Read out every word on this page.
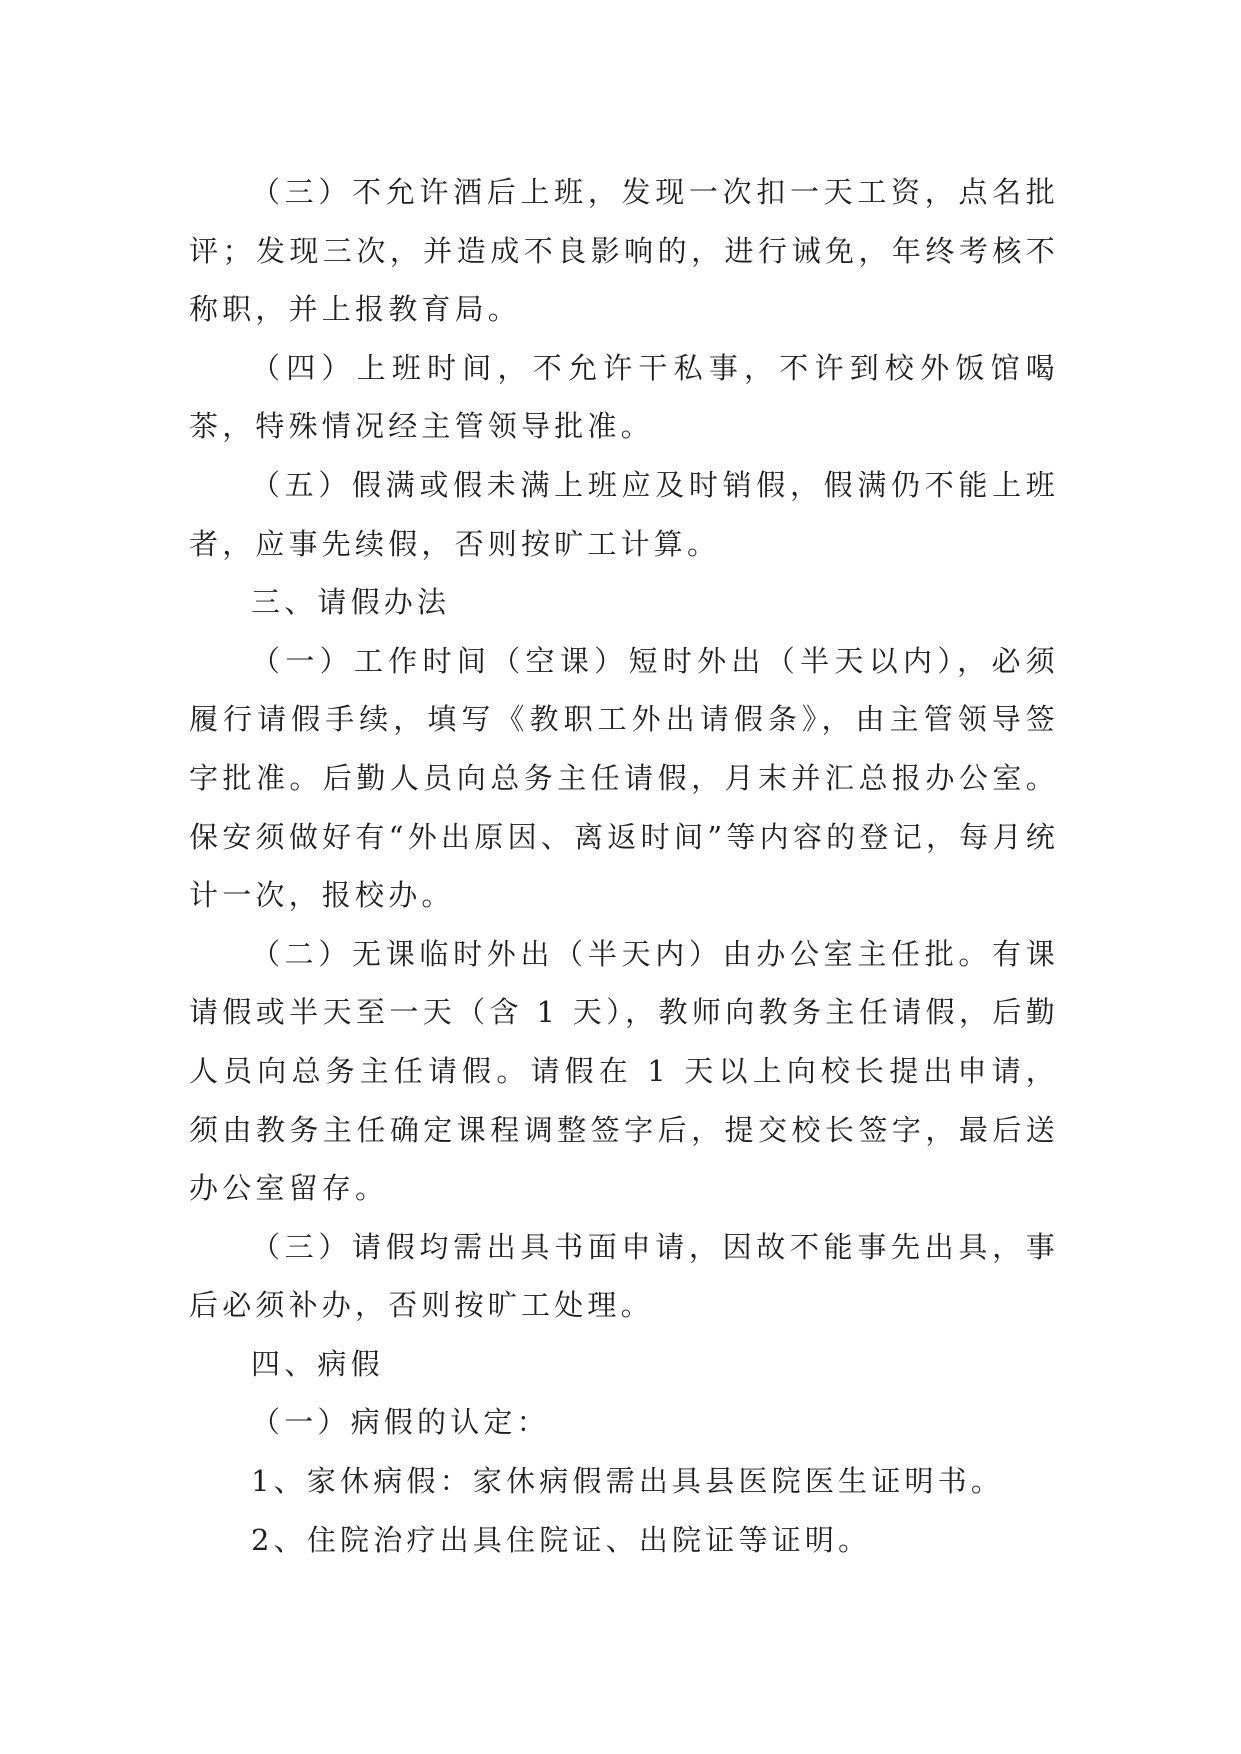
（三）不允许酒后上班，发现一次扣一天工资，点名批评；发现三次，并造成不良影响的，进行诫免，年终考核不称职，并上报教育局。

（四）上班时间，不允许干私事，不许到校外饭馆喝茶，特殊情况经主管领导批准。

（五）假满或假未满上班应及时销假，假满仍不能上班者，应事先续假，否则按旷工计算。

三、请假办法

（一）工作时间（空课）短时外出（半天以内），必须履行请假手续，填写《教职工外出请假条》，由主管领导签字批准。后勤人员向总务主任请假，月末并汇总报办公室。保安须做好有“外出原因、离返时间”等内容的登记，每月统计一次，报校办。

（二）无课临时外出（半天内）由办公室主任批。有课请假或半天至一天（含 1 天），教师向教务主任请假，后勤人员向总务主任请假。请假在 1 天以上向校长提出申请，须由教务主任确定课程调整签字后，提交校长签字，最后送办公室留存。

（三）请假均需出具书面申请，因故不能事先出具，事后必须补办，否则按旷工处理。

四、病假

（一）病假的认定：

1、家休病假：家休病假需出具县医院医生证明书。

2、住院治疗出具住院证、出院证等证明。
